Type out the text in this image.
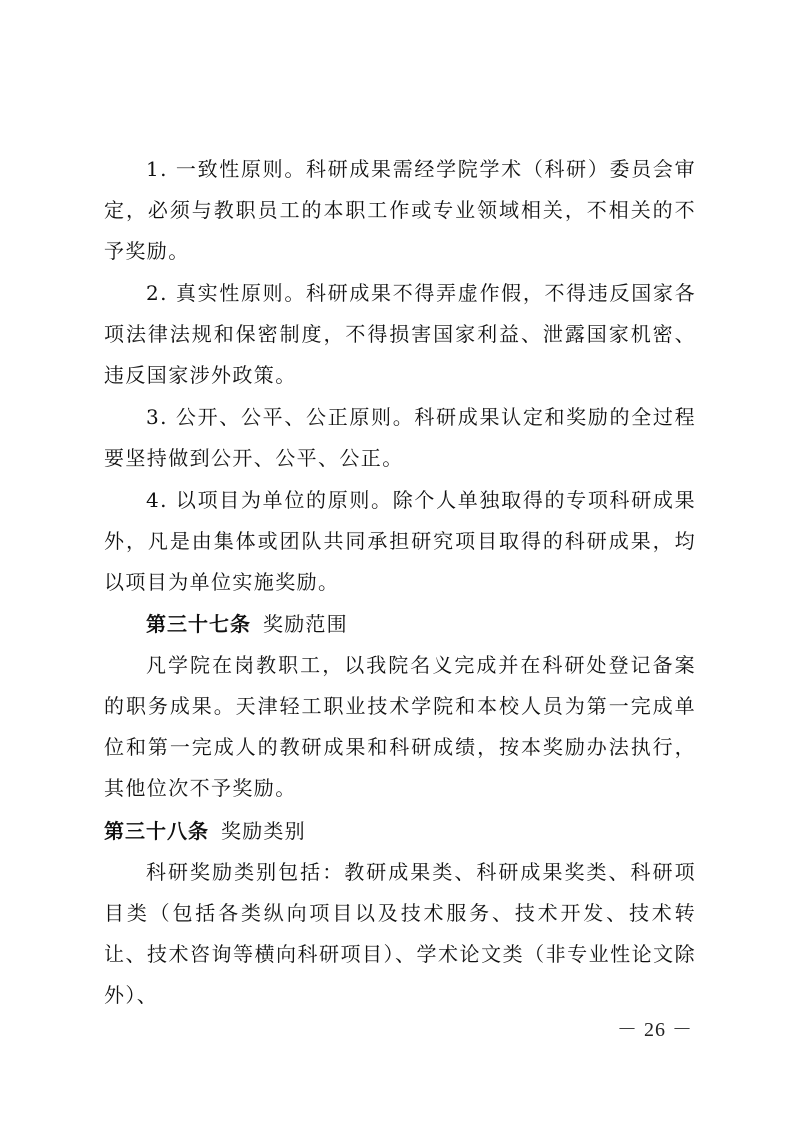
1. 一致性原则。科研成果需经学院学术（科研）委员会审定，必须与教职员工的本职工作或专业领域相关，不相关的不予奖励。

2. 真实性原则。科研成果不得弄虚作假，不得违反国家各项法律法规和保密制度，不得损害国家利益、泄露国家机密、违反国家涉外政策。

3. 公开、公平、公正原则。科研成果认定和奖励的全过程要坚持做到公开、公平、公正。

4. 以项目为单位的原则。除个人单独取得的专项科研成果外，凡是由集体或团队共同承担研究项目取得的科研成果，均以项目为单位实施奖励。

第三十七条 奖励范围

凡学院在岗教职工，以我院名义完成并在科研处登记备案的职务成果。天津轻工职业技术学院和本校人员为第一完成单位和第一完成人的教研成果和科研成绩，按本奖励办法执行，其他位次不予奖励。

第三十八条 奖励类别

科研奖励类别包括：教研成果类、科研成果奖类、科研项目类（包括各类纵向项目以及技术服务、技术开发、技术转让、技术咨询等横向科研项目）、学术论文类（非专业性论文除外）、

－ 26 －
